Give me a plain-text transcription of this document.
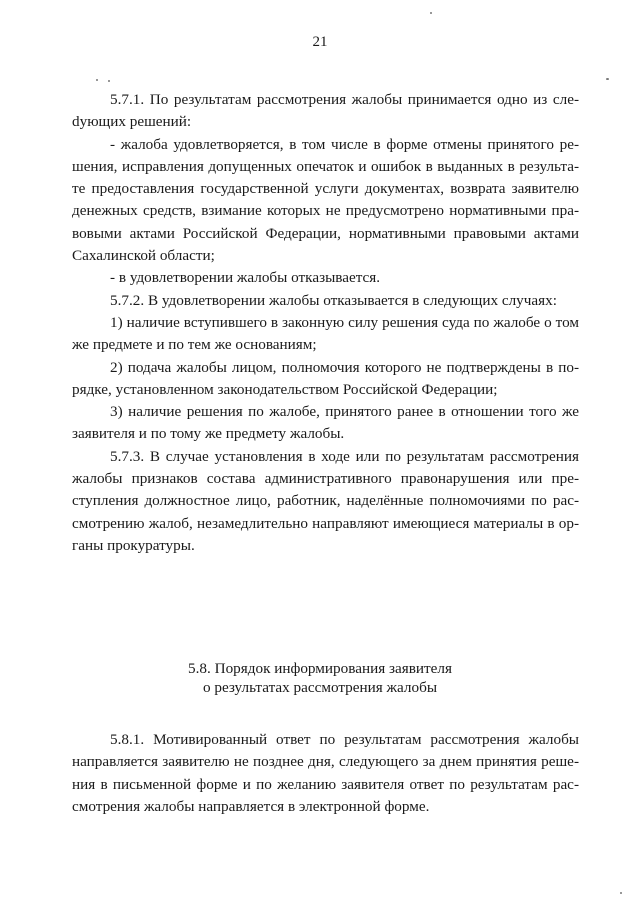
21

5.7.1. По результатам рассмотрения жалобы принимается одно из слеdующих решений:

- жалоба удовлетворяется, в том числе в форме отмены принятого решения, исправления допущенных опечаток и ошибок в выданных в результате предоставления государственной услуги документах, возврата заявителю денежных средств, взимание которых не предусмотрено нормативными правовыми актами Российской Федерации, нормативными правовыми актами Сахалинской области;

- в удовлетворении жалобы отказывается.

5.7.2. В удовлетворении жалобы отказывается в следующих случаях:

1) наличие вступившего в законную силу решения суда по жалобе о том же предмете и по тем же основаниям;

2) подача жалобы лицом, полномочия которого не подтверждены в порядке, установленном законодательством Российской Федерации;

3) наличие решения по жалобе, принятого ранее в отношении того же заявителя и по тому же предмету жалобы.

5.7.3. В случае установления в ходе или по результатам рассмотрения жалобы признаков состава административного правонарушения или преступления должностное лицо, работник, наделённые полномочиями по рассмотрению жалоб, незамедлительно направляют имеющиеся материалы в органы прокуратуры.

5.8. Порядок информирования заявителя
о результатах рассмотрения жалобы

5.8.1. Мотивированный ответ по результатам рассмотрения жалобы направляется заявителю не позднее дня, следующего за днем принятия решения в письменной форме и по желанию заявителя ответ по результатам рассмотрения жалобы направляется в электронной форме.
